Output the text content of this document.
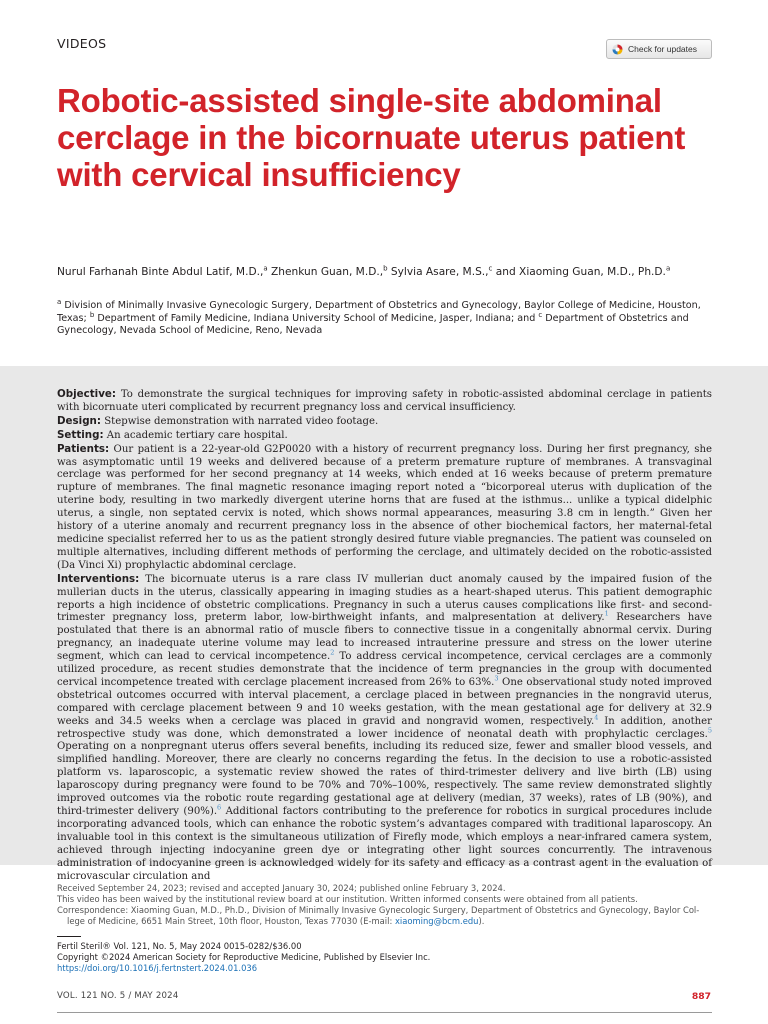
VIDEOS	Check for updates
Robotic-assisted single-site abdominal cerclage in the bicornuate uterus patient with cervical insufficiency
Nurul Farhanah Binte Abdul Latif, M.D.,$^a$ Zhenkun Guan, M.D.,$^b$ Sylvia Asare, M.S.,$^c$ and Xiaoming Guan, M.D., Ph.D.$^a$
$^a$ Division of Minimally Invasive Gynecologic Surgery, Department of Obstetrics and Gynecology, Baylor College of Medicine, Houston, Texas; $^b$ Department of Family Medicine, Indiana University School of Medicine, Jasper, Indiana; and $^c$ Department of Obstetrics and Gynecology, Nevada School of Medicine, Reno, Nevada

Objective: To demonstrate the surgical techniques for improving safety in robotic-assisted abdominal cerclage in patients with bicornuate uteri complicated by recurrent pregnancy loss and cervical insufficiency.

Design: Stepwise demonstration with narrated video footage.

Setting: An academic tertiary care hospital.

Patients: Our patient is a 22-year-old G2P0020 with a history of recurrent pregnancy loss. During her first pregnancy, she was asymptomatic until 19 weeks and delivered because of a preterm premature rupture of membranes. A transvaginal cerclage was performed for her second pregnancy at 14 weeks, which ended at 16 weeks because of preterm premature rupture of membranes. The final magnetic resonance imaging report noted a “bicorporeal uterus with duplication of the uterine body, resulting in two markedly divergent uterine horns that are fused at the isthmus... unlike a typical didelphic uterus, a single, non septated cervix is noted, which shows normal appearances, measuring 3.8 cm in length.” Given her history of a uterine anomaly and recurrent pregnancy loss in the absence of other biochemical factors, her maternal-fetal medicine specialist referred her to us as the patient strongly desired future viable pregnancies. The patient was counseled on multiple alternatives, including different methods of performing the cerclage, and ultimately decided on the robotic-assisted (Da Vinci Xi) prophylactic abdominal cerclage.

Interventions: The bicornuate uterus is a rare class IV mullerian duct anomaly caused by the impaired fusion of the mullerian ducts in the uterus, classically appearing in imaging studies as a heart-shaped uterus. This patient demographic reports a high incidence of obstetric complications. Pregnancy in such a uterus causes complications like first- and second-trimester pregnancy loss, preterm labor, low-birthweight infants, and malpresentation at delivery.$^1$ Researchers have postulated that there is an abnormal ratio of muscle fibers to connective tissue in a congenitally abnormal cervix. During pregnancy, an inadequate uterine volume may lead to increased intrauterine pressure and stress on the lower uterine segment, which can lead to cervical incompetence.$^2$ To address cervical incompetence, cervical cerclages are a commonly utilized procedure, as recent studies demonstrate that the incidence of term pregnancies in the group with documented cervical incompetence treated with cerclage placement increased from 26% to 63%.$^3$ One observational study noted improved obstetrical outcomes occurred with interval placement, a cerclage placed in between pregnancies in the nongravid uterus, compared with cerclage placement between 9 and 10 weeks gestation, with the mean gestational age for delivery at 32.9 weeks and 34.5 weeks when a cerclage was placed in gravid and nongravid women, respectively.$^4$ In addition, another retrospective study was done, which demonstrated a lower incidence of neonatal death with prophylactic cerclages.$^5$ Operating on a nonpregnant uterus offers several benefits, including its reduced size, fewer and smaller blood vessels, and simplified handling. Moreover, there are clearly no concerns regarding the fetus. In the decision to use a robotic-assisted platform vs. laparoscopic, a systematic review showed the rates of third-trimester delivery and live birth (LB) using laparoscopy during pregnancy were found to be 70% and 70%–100%, respectively. The same review demonstrated slightly improved outcomes via the robotic route regarding gestational age at delivery (median, 37 weeks), rates of LB (90%), and third-trimester delivery (90%).$^6$ Additional factors contributing to the preference for robotics in surgical procedures include incorporating advanced tools, which can enhance the robotic system’s advantages compared with traditional laparoscopy. An invaluable tool in this context is the simultaneous utilization of Firefly mode, which employs a near-infrared camera system, achieved through injecting indocyanine green dye or integrating other light sources concurrently. The intravenous administration of indocyanine green is acknowledged widely for its safety and efficacy as a contrast agent in the evaluation of microvascular circulation and

Received September 24, 2023; revised and accepted January 30, 2024; published online February 3, 2024.
This video has been waived by the institutional review board at our institution. Written informed consents were obtained from all patients.
Correspondence: Xiaoming Guan, M.D., Ph.D., Division of Minimally Invasive Gynecologic Surgery, Department of Obstetrics and Gynecology, Baylor Col-
lege of Medicine, 6651 Main Street, 10th floor, Houston, Texas 77030 (E-mail: xiaoming@bcm.edu).
Fertil Steril® Vol. 121, No. 5, May 2024 0015-0282/$36.00
Copyright ©2024 American Society for Reproductive Medicine, Published by Elsevier Inc.
https://doi.org/10.1016/j.fertnstert.2024.01.036
VOL. 121 NO. 5 / MAY 2024	887
